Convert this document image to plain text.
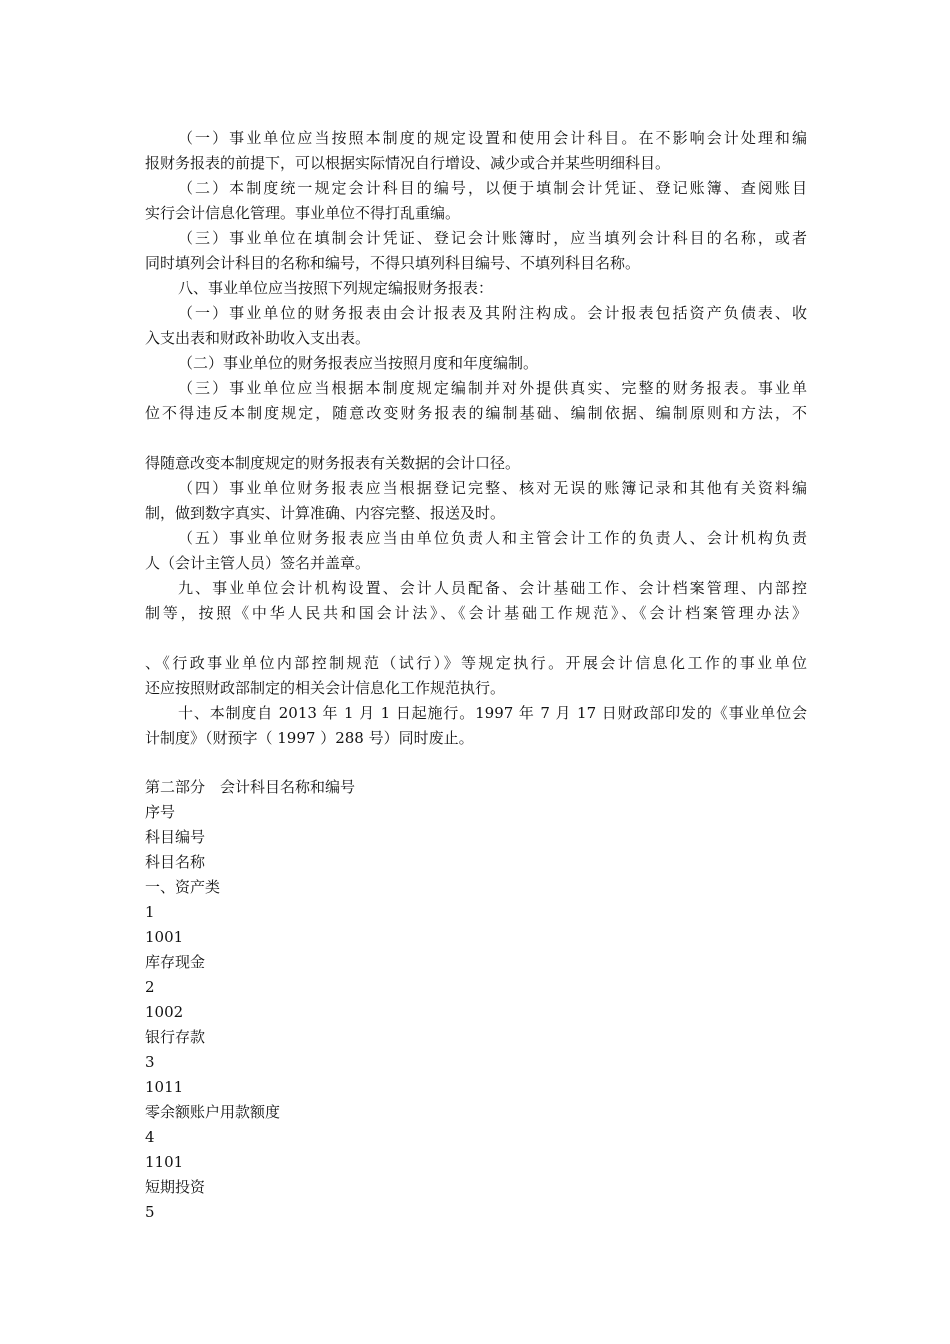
（一）事业单位应当按照本制度的规定设置和使用会计科目。在不影响会计处理和编
报财务报表的前提下，可以根据实际情况自行增设、减少或合并某些明细科目。
（二）本制度统一规定会计科目的编号，以便于填制会计凭证、登记账簿、查阅账目
实行会计信息化管理。事业单位不得打乱重编。
（三）事业单位在填制会计凭证、登记会计账簿时，应当填列会计科目的名称，或者
同时填列会计科目的名称和编号，不得只填列科目编号、不填列科目名称。
八、事业单位应当按照下列规定编报财务报表：
（一）事业单位的财务报表由会计报表及其附注构成。会计报表包括资产负债表、收
入支出表和财政补助收入支出表。
（二）事业单位的财务报表应当按照月度和年度编制。
（三）事业单位应当根据本制度规定编制并对外提供真实、完整的财务报表。事业单
位不得违反本制度规定，随意改变财务报表的编制基础、编制依据、编制原则和方法，不
得随意改变本制度规定的财务报表有关数据的会计口径。
（四）事业单位财务报表应当根据登记完整、核对无误的账簿记录和其他有关资料编
制，做到数字真实、计算准确、内容完整、报送及时。
（五）事业单位财务报表应当由单位负责人和主管会计工作的负责人、会计机构负责
人（会计主管人员）签名并盖章。
九、事业单位会计机构设置、会计人员配备、会计基础工作、会计档案管理、内部控
制等，按照《中华人民共和国会计法》、《会计基础工作规范》、《会计档案管理办法》
、《行政事业单位内部控制规范（试行）》等规定执行。开展会计信息化工作的事业单位
还应按照财政部制定的相关会计信息化工作规范执行。
十、本制度自 2013 年 1 月 1 日起施行。1997 年 7 月 17 日财政部印发的《事业单位会
计制度》（财预字（ 1997 ）288 号）同时废止。
第二部分　会计科目名称和编号
序号
科目编号
科目名称
一、资产类
1
1001
库存现金
2
1002
银行存款
3
1011
零余额账户用款额度
4
1101
短期投资
5
